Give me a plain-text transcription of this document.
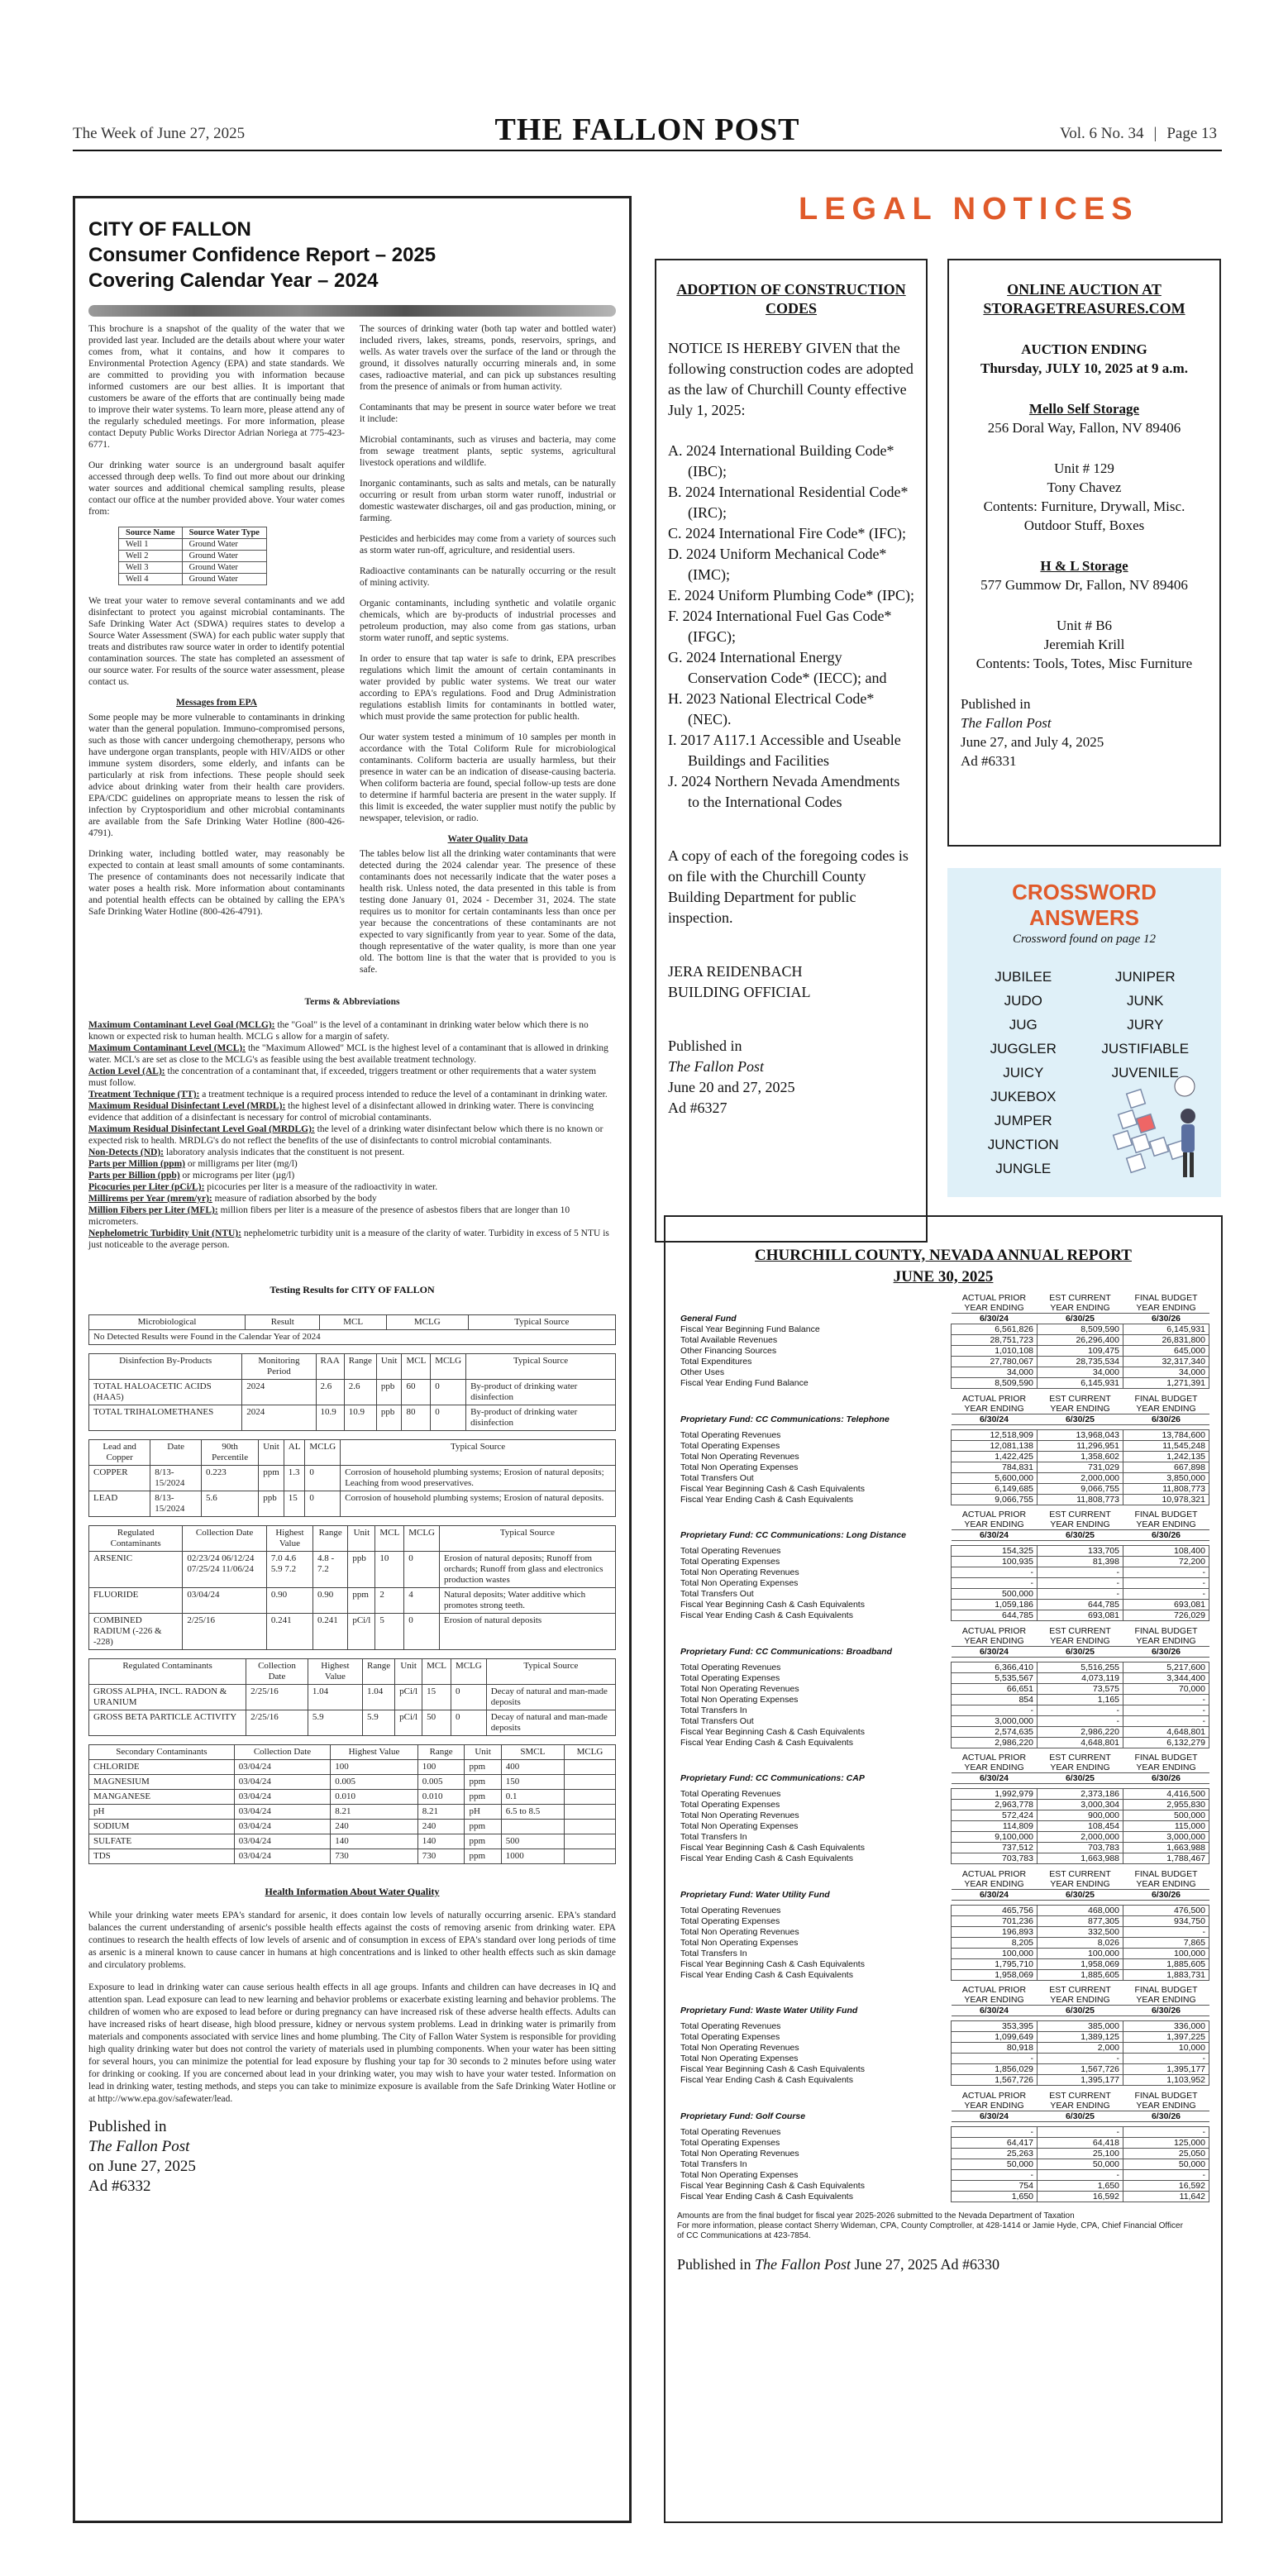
The Week of June 27, 2025	THE FALLON POST	Vol. 6 No. 34 | Page 13
CITY OF FALLON
Consumer Confidence Report – 2025
Covering Calendar Year – 2024

This brochure is a snapshot of the quality of the water that we provided last year. Included are the details about where your water comes from, what it contains, and how it compares to Environmental Protection Agency (EPA) and state standards. We are committed to providing you with information because informed customers are our best allies. It is important that customers be aware of the efforts that are continually being made to improve their water systems. To learn more, please attend any of the regularly scheduled meetings. For more information, please contact Deputy Public Works Director Adrian Noriega at 775-423-6771.

Our drinking water source is an underground basalt aquifer accessed through deep wells. To find out more about our drinking water sources and additional chemical sampling results, please contact our office at the number provided above. Your water comes from:

Source Name	Source Water Type
Well 1	Ground Water
Well 2	Ground Water
Well 3	Ground Water
Well 4	Ground Water

We treat your water to remove several contaminants and we add disinfectant to protect you against microbial contaminants. The Safe Drinking Water Act (SDWA) requires states to develop a Source Water Assessment (SWA) for each public water supply that treats and distributes raw source water in order to identify potential contamination sources. The state has completed an assessment of our source water. For results of the source water assessment, please contact us.

Messages from EPA

Some people may be more vulnerable to contaminants in drinking water than the general population. Immuno-compromised persons, such as those with cancer undergoing chemotherapy, persons who have undergone organ transplants, people with HIV/AIDS or other immune system disorders, some elderly, and infants can be particularly at risk from infections. These people should seek advice about drinking water from their health care providers. EPA/CDC guidelines on appropriate means to lessen the risk of infection by Cryptosporidium and other microbial contaminants are available from the Safe Drinking Water Hotline (800-426-4791).

Drinking water, including bottled water, may reasonably be expected to contain at least small amounts of some contaminants. The presence of contaminants does not necessarily indicate that water poses a health risk. More information about contaminants and potential health effects can be obtained by calling the EPA's Safe Drinking Water Hotline (800-426-4791).

The sources of drinking water (both tap water and bottled water) included rivers, lakes, streams, ponds, reservoirs, springs, and wells. As water travels over the surface of the land or through the ground, it dissolves naturally occurring minerals and, in some cases, radioactive material, and can pick up substances resulting from the presence of animals or from human activity.

Contaminants that may be present in source water before we treat it include:

Microbial contaminants, such as viruses and bacteria, may come from sewage treatment plants, septic systems, agricultural livestock operations and wildlife.

Inorganic contaminants, such as salts and metals, can be naturally occurring or result from urban storm water runoff, industrial or domestic wastewater discharges, oil and gas production, mining, or farming.

Pesticides and herbicides may come from a variety of sources such as storm water run-off, agriculture, and residential users.

Radioactive contaminants can be naturally occurring or the result of mining activity.

Organic contaminants, including synthetic and volatile organic chemicals, which are by-products of industrial processes and petroleum production, may also come from gas stations, urban storm water runoff, and septic systems.

In order to ensure that tap water is safe to drink, EPA prescribes regulations which limit the amount of certain contaminants in water provided by public water systems. We treat our water according to EPA's regulations. Food and Drug Administration regulations establish limits for contaminants in bottled water, which must provide the same protection for public health.

Our water system tested a minimum of 10 samples per month in accordance with the Total Coliform Rule for microbiological contaminants. Coliform bacteria are usually harmless, but their presence in water can be an indication of disease-causing bacteria. When coliform bacteria are found, special follow-up tests are done to determine if harmful bacteria are present in the water supply. If this limit is exceeded, the water supplier must notify the public by newspaper, television, or radio.

Water Quality Data

The tables below list all the drinking water contaminants that were detected during the 2024 calendar year. The presence of these contaminants does not necessarily indicate that the water poses a health risk. Unless noted, the data presented in this table is from testing done January 01, 2024 - December 31, 2024. The state requires us to monitor for certain contaminants less than once per year because the concentrations of these contaminants are not expected to vary significantly from year to year. Some of the data, though representative of the water quality, is more than one year old. The bottom line is that the water that is provided to you is safe.

Terms & Abbreviations
Maximum Contaminant Level Goal (MCLG): the "Goal" is the level of a contaminant in drinking water below which there is no known or expected risk to human health. MCLG s allow for a margin of safety.
Maximum Contaminant Level (MCL): the "Maximum Allowed" MCL is the highest level of a contaminant that is allowed in drinking water. MCL's are set as close to the MCLG's as feasible using the best available treatment technology.
Action Level (AL): the concentration of a contaminant that, if exceeded, triggers treatment or other requirements that a water system must follow.
Treatment Technique (TT): a treatment technique is a required process intended to reduce the level of a contaminant in drinking water.
Maximum Residual Disinfectant Level (MRDL): the highest level of a disinfectant allowed in drinking water. There is convincing evidence that addition of a disinfectant is necessary for control of microbial contaminants.
Maximum Residual Disinfectant Level Goal (MRDLG): the level of a drinking water disinfectant below which there is no known or expected risk to health. MRDLG's do not reflect the benefits of the use of disinfectants to control microbial contaminants.
Non-Detects (ND): laboratory analysis indicates that the constituent is not present.
Parts per Million (ppm) or milligrams per liter (mg/l)
Parts per Billion (ppb) or micrograms per liter (µg/l)
Picocuries per Liter (pCi/L): picocuries per liter is a measure of the radioactivity in water.
Millirems per Year (mrem/yr): measure of radiation absorbed by the body
Million Fibers per Liter (MFL): million fibers per liter is a measure of the presence of asbestos fibers that are longer than 10 micrometers.
Nephelometric Turbidity Unit (NTU): nephelometric turbidity unit is a measure of the clarity of water. Turbidity in excess of 5 NTU is just noticeable to the average person.
Testing Results for CITY OF FALLON
Microbiological	Result	MCL	MCLG	Typical Source
No Detected Results were Found in the Calendar Year of 2024
Disinfection By-Products	Monitoring Period	RAA	Range	Unit	MCL	MCLG	Typical Source
TOTAL HALOACETIC ACIDS (HAA5)	2024	2.6	2.6	ppb	60	0	By-product of drinking water disinfection
TOTAL TRIHALOMETHANES	2024	10.9	10.9	ppb	80	0	By-product of drinking water disinfection
Lead and Copper	Date	90th Percentile	Unit	AL	MCLG	Typical Source
COPPER	8/13-15/2024	0.223	ppm	1.3	0	Corrosion of household plumbing systems; Erosion of natural deposits; Leaching from wood preservatives.
LEAD	8/13-15/2024	5.6	ppb	15	0	Corrosion of household plumbing systems; Erosion of natural deposits.
Regulated Contaminants	Collection Date	Highest Value	Range	Unit	MCL	MCLG	Typical Source
ARSENIC	02/23/24 06/12/24 07/25/24 11/06/24	7.0 4.6 5.9 7.2	4.8 - 7.2	ppb	10	0	Erosion of natural deposits; Runoff from orchards; Runoff from glass and electronics production wastes
FLUORIDE	03/04/24	0.90	0.90	ppm	2	4	Natural deposits; Water additive which promotes strong teeth.
COMBINED RADIUM (-226 & -228)	2/25/16	0.241	0.241	pCi/l	5	0	Erosion of natural deposits
Regulated Contaminants	Collection Date	Highest Value	Range	Unit	MCL	MCLG	Typical Source
GROSS ALPHA, INCL. RADON & URANIUM	2/25/16	1.04	1.04	pCi/l	15	0	Decay of natural and man-made deposits
GROSS BETA PARTICLE ACTIVITY	2/25/16	5.9	5.9	pCi/l	50	0	Decay of natural and man-made deposits
Secondary Contaminants	Collection Date	Highest Value	Range	Unit	SMCL	MCLG
CHLORIDE	03/04/24	100	100	ppm	400	
MAGNESIUM	03/04/24	0.005	0.005	ppm	150	
MANGANESE	03/04/24	0.010	0.010	ppm	0.1	
pH	03/04/24	8.21	8.21	pH	6.5 to 8.5	
SODIUM	03/04/24	240	240	ppm		
SULFATE	03/04/24	140	140	ppm	500	
TDS	03/04/24	730	730	ppm	1000	
Health Information About Water Quality

While your drinking water meets EPA's standard for arsenic, it does contain low levels of naturally occurring arsenic. EPA's standard balances the current understanding of arsenic's possible health effects against the costs of removing arsenic from drinking water. EPA continues to research the health effects of low levels of arsenic and of consumption in excess of EPA's standard over long periods of time as arsenic is a mineral known to cause cancer in humans at high concentrations and is linked to other health effects such as skin damage and circulatory problems.

Exposure to lead in drinking water can cause serious health effects in all age groups. Infants and children can have decreases in IQ and attention span. Lead exposure can lead to new learning and behavior problems or exacerbate existing learning and behavior problems. The children of women who are exposed to lead before or during pregnancy can have increased risk of these adverse health effects. Adults can have increased risks of heart disease, high blood pressure, kidney or nervous system problems. Lead in drinking water is primarily from materials and components associated with service lines and home plumbing. The City of Fallon Water System is responsible for providing high quality drinking water but does not control the variety of materials used in plumbing components. When your water has been sitting for several hours, you can minimize the potential for lead exposure by flushing your tap for 30 seconds to 2 minutes before using water for drinking or cooking. If you are concerned about lead in your drinking water, you may wish to have your water tested. Information on lead in drinking water, testing methods, and steps you can take to minimize exposure is available from the Safe Drinking Water Hotline or at http://www.epa.gov/safewater/lead.

Published in
The Fallon Post
on June 27, 2025
Ad #6332
LEGAL NOTICES
ADOPTION OF CONSTRUCTION CODES

NOTICE IS HEREBY GIVEN that the following construction codes are adopted as the law of Churchill County effective July 1, 2025:

A. 2024 International Building Code* (IBC);
B. 2024 International Residential Code* (IRC);
C. 2024 International Fire Code* (IFC);
D. 2024 Uniform Mechanical Code* (IMC);
E. 2024 Uniform Plumbing Code* (IPC);
F. 2024 International Fuel Gas Code* (IFGC);
G. 2024 International Energy Conservation Code* (IECC); and
H. 2023 National Electrical Code* (NEC).
I. 2017 A117.1 Accessible and Useable Buildings and Facilities
J. 2024 Northern Nevada Amendments to the International Codes

A copy of each of the foregoing codes is on file with the Churchill County Building Department for public inspection.

JERA REIDENBACH
BUILDING OFFICIAL
Published in
The Fallon Post
June 20 and 27, 2025
Ad #6327
ONLINE AUCTION AT STORAGETREASURES.COM
AUCTION ENDING
Thursday, JULY 10, 2025 at 9 a.m.
Mello Self Storage
256 Doral Way, Fallon, NV 89406
Unit # 129
Tony Chavez
Contents: Furniture, Drywall, Misc. Outdoor Stuff, Boxes
H & L Storage
577 Gummow Dr, Fallon, NV 89406
Unit # B6
Jeremiah Krill
Contents: Tools, Totes, Misc Furniture
Published in
The Fallon Post
June 27, and July 4, 2025
Ad #6331
CROSSWORD ANSWERS
Crossword found on page 12
JUBILEE	JUNIPER
JUDO	JUNK
JUG	JURY
JUGGLER	JUSTIFIABLE
JUICY	JUVENILE
JUKEBOX
JUMPER
JUNCTION
JUNGLE
CHURCHILL COUNTY, NEVADA ANNUAL REPORT
JUNE 30, 2025
	ACTUAL PRIOR	EST CURRENT	FINAL BUDGET
	YEAR ENDING	YEAR ENDING	YEAR ENDING
General Fund	6/30/24	6/30/25	6/30/26
Fiscal Year Beginning Fund Balance	6,561,826	8,509,590	6,145,931
Total Available Revenues	28,751,723	26,296,400	26,831,800
Other Financing Sources	1,010,108	109,475	645,000
Total Expenditures	27,780,067	28,735,534	32,317,340
Other Uses	34,000	34,000	34,000
Fiscal Year Ending Fund Balance	8,509,590	6,145,931	1,271,391

	ACTUAL PRIOR	EST CURRENT	FINAL BUDGET
	YEAR ENDING	YEAR ENDING	YEAR ENDING
Proprietary Fund: CC Communications: Telephone	6/30/24	6/30/25	6/30/26

Total Operating Revenues	12,518,909	13,968,043	13,784,600
Total Operating Expenses	12,081,138	11,296,951	11,545,248
Total Non Operating Revenues	1,422,425	1,358,602	1,242,135
Total Non Operating Expenses	784,831	731,029	667,898
Total Transfers Out	5,600,000	2,000,000	3,850,000
Fiscal Year Beginning Cash & Cash Equivalents	6,149,685	9,066,755	11,808,773
Fiscal Year Ending Cash & Cash Equivalents	9,066,755	11,808,773	10,978,321

	ACTUAL PRIOR	EST CURRENT	FINAL BUDGET
	YEAR ENDING	YEAR ENDING	YEAR ENDING
Proprietary Fund: CC Communications: Long Distance	6/30/24	6/30/25	6/30/26

Total Operating Revenues	154,325	133,705	108,400
Total Operating Expenses	100,935	81,398	72,200
Total Non Operating Revenues	-	-	-
Total Non Operating Expenses	-	-	-
Total Transfers Out	500,000	-	-
Fiscal Year Beginning Cash & Cash Equivalents	1,059,186	644,785	693,081
Fiscal Year Ending Cash & Cash Equivalents	644,785	693,081	726,029

	ACTUAL PRIOR	EST CURRENT	FINAL BUDGET
	YEAR ENDING	YEAR ENDING	YEAR ENDING
Proprietary Fund: CC Communications: Broadband	6/30/24	6/30/25	6/30/26

Total Operating Revenues	6,366,410	5,516,255	5,217,600
Total Operating Expenses	5,535,567	4,073,119	3,344,400
Total Non Operating Revenues	66,651	73,575	70,000
Total Non Operating Expenses	854	1,165	-
Total Transfers In	-	-	-
Total Transfers Out	3,000,000	-	-
Fiscal Year Beginning Cash & Cash Equivalents	2,574,635	2,986,220	4,648,801
Fiscal Year Ending Cash & Cash Equivalents	2,986,220	4,648,801	6,132,279

	ACTUAL PRIOR	EST CURRENT	FINAL BUDGET
	YEAR ENDING	YEAR ENDING	YEAR ENDING
Proprietary Fund: CC Communications: CAP	6/30/24	6/30/25	6/30/26

Total Operating Revenues	1,992,979	2,373,186	4,416,500
Total Operating Expenses	2,963,778	3,000,304	2,955,830
Total Non Operating Revenues	572,424	900,000	500,000
Total Non Operating Expenses	114,809	108,454	115,000
Total Transfers In	9,100,000	2,000,000	3,000,000
Fiscal Year Beginning Cash & Cash Equivalents	737,512	703,783	1,663,988
Fiscal Year Ending Cash & Cash Equivalents	703,783	1,663,988	1,788,467

	ACTUAL PRIOR	EST CURRENT	FINAL BUDGET
	YEAR ENDING	YEAR ENDING	YEAR ENDING
Proprietary Fund: Water Utility Fund	6/30/24	6/30/25	6/30/26

Total Operating Revenues	465,756	468,000	476,500
Total Operating Expenses	701,236	877,305	934,750
Total Non Operating Revenues	196,893	332,500	-
Total Non Operating Expenses	8,205	8,026	7,865
Total Transfers In	100,000	100,000	100,000
Fiscal Year Beginning Cash & Cash Equivalents	1,795,710	1,958,069	1,885,605
Fiscal Year Ending Cash & Cash Equivalents	1,958,069	1,885,605	1,883,731

	ACTUAL PRIOR	EST CURRENT	FINAL BUDGET
	YEAR ENDING	YEAR ENDING	YEAR ENDING
Proprietary Fund: Waste Water Utility Fund	6/30/24	6/30/25	6/30/26

Total Operating Revenues	353,395	385,000	336,000
Total Operating Expenses	1,099,649	1,389,125	1,397,225
Total Non Operating Revenues	80,918	2,000	10,000
Total Non Operating Expenses	-	-	-
Fiscal Year Beginning Cash & Cash Equivalents	1,856,029	1,567,726	1,395,177
Fiscal Year Ending Cash & Cash Equivalents	1,567,726	1,395,177	1,103,952

	ACTUAL PRIOR	EST CURRENT	FINAL BUDGET
	YEAR ENDING	YEAR ENDING	YEAR ENDING
Proprietary Fund: Golf Course	6/30/24	6/30/25	6/30/26

Total Operating Revenues	-	-	-
Total Operating Expenses	64,417	64,418	125,000
Total Non Operating Revenues	25,263	25,100	25,050
Total Transfers In	50,000	50,000	50,000
Total Non Operating Expenses	-	-	-
Fiscal Year Beginning Cash & Cash Equivalents	754	1,650	16,592
Fiscal Year Ending Cash & Cash Equivalents	1,650	16,592	11,642

Amounts are from the final budget for fiscal year 2025-2026 submitted to the Nevada Department of Taxation
For more information, please contact Sherry Wideman, CPA, County Comptroller, at 428-1414 or Jamie Hyde, CPA, Chief Financial Officer
of CC Communications at 423-7854.
Published in The Fallon Post June 27, 2025 Ad #6330
